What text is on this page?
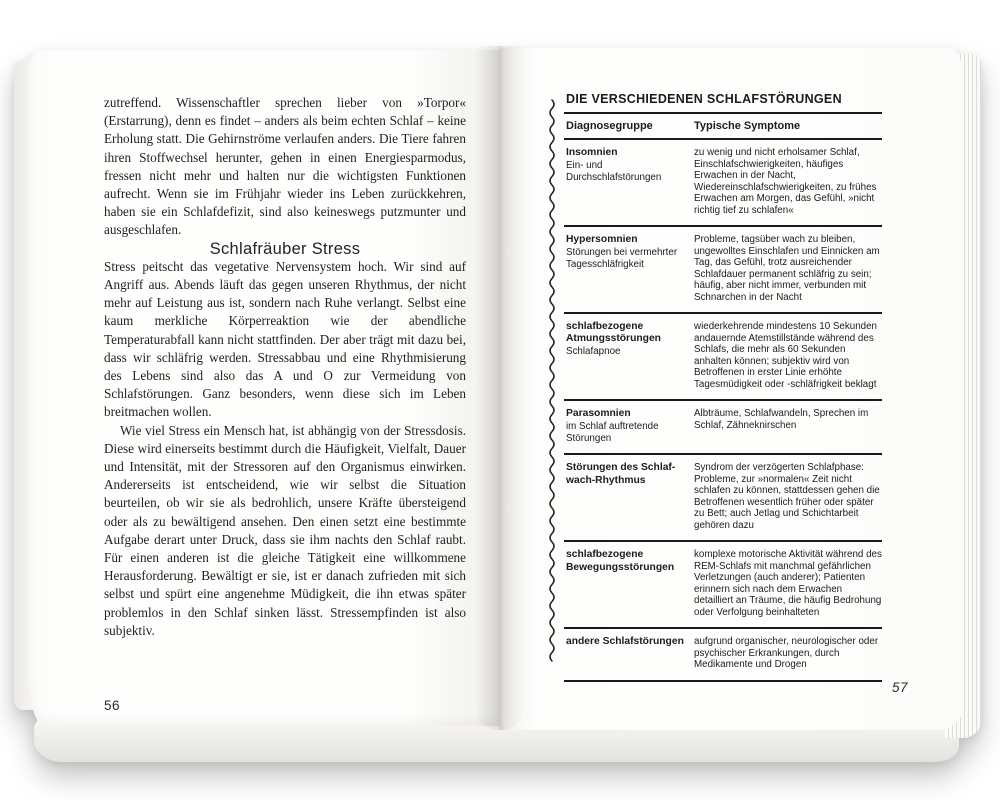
zutreffend. Wissenschaftler sprechen lieber von »Torpor« (Erstarrung), denn es findet – anders als beim echten Schlaf – keine Erholung statt. Die Gehirnströme verlaufen anders. Die Tiere fahren ihren Stoffwechsel herunter, gehen in einen Energiesparmodus, fressen nicht mehr und halten nur die wichtigsten Funktionen aufrecht. Wenn sie im Frühjahr wieder ins Leben zurückkehren, haben sie ein Schlafdefizit, sind also keineswegs putzmunter und ausgeschlafen.

Schlafräuber Stress

Stress peitscht das vegetative Nervensystem hoch. Wir sind auf Angriff aus. Abends läuft das gegen unseren Rhythmus, der nicht mehr auf Leistung aus ist, sondern nach Ruhe verlangt. Selbst eine kaum merkliche Körperreaktion wie der abendliche Temperaturabfall kann nicht stattfinden. Der aber trägt mit dazu bei, dass wir schläfrig werden. Stressabbau und eine Rhythmisierung des Lebens sind also das A und O zur Vermeidung von Schlafstörungen. Ganz besonders, wenn diese sich im Leben breitmachen wollen.

Wie viel Stress ein Mensch hat, ist abhängig von der Stressdosis. Diese wird einerseits bestimmt durch die Häufigkeit, Vielfalt, Dauer und Intensität, mit der Stressoren auf den Organismus einwirken. Andererseits ist entscheidend, wie wir selbst die Situation beurteilen, ob wir sie als bedrohlich, unsere Kräfte übersteigend oder als zu bewältigend ansehen. Den einen setzt eine bestimmte Aufgabe derart unter Druck, dass sie ihm nachts den Schlaf raubt. Für einen anderen ist die gleiche Tätigkeit eine willkommene Herausforderung. Bewältigt er sie, ist er danach zufrieden mit sich selbst und spürt eine angenehme Müdigkeit, die ihn etwas später problemlos in den Schlaf sinken lässt. Stressempfinden ist also subjektiv.

56
DIE VERSCHIEDENEN SCHLAFSTÖRUNGEN
Diagnosegruppe	Typische Symptome
Insomnien
Ein- und Durchschlafstörungen
zu wenig und nicht erholsamer Schlaf, Einschlafschwierigkeiten, häufiges Erwachen in der Nacht, Wiedereinschlafschwierigkeiten, zu frühes Erwachen am Morgen, das Gefühl, »nicht richtig tief zu schlafen«
Hypersomnien
Störungen bei vermehrter Tagesschläfrigkeit
Probleme, tagsüber wach zu bleiben, ungewolltes Einschlafen und Einnicken am Tag, das Gefühl, trotz ausreichender Schlafdauer permanent schläfrig zu sein; häufig, aber nicht immer, verbunden mit Schnarchen in der Nacht
schlafbezogene Atmungsstörungen
Schlafapnoe
wiederkehrende mindestens 10 Sekunden andauernde Atemstillstände während des Schlafs, die mehr als 60 Sekunden anhalten können; subjektiv wird von Betroffenen in erster Linie erhöhte Tagesmüdigkeit oder -schläfrigkeit beklagt
Parasomnien
im Schlaf auftretende Störungen
Albträume, Schlafwandeln, Sprechen im Schlaf, Zähneknirschen
Störungen des Schlaf-wach-Rhythmus
Syndrom der verzögerten Schlafphase: Probleme, zur »normalen« Zeit nicht schlafen zu können, stattdessen gehen die Betroffenen wesentlich früher oder später zu Bett; auch Jetlag und Schichtarbeit gehören dazu
schlafbezogene Bewegungsstörungen
komplexe motorische Aktivität während des REM-Schlafs mit manchmal gefährlichen Verletzungen (auch anderer); Patienten erinnern sich nach dem Erwachen detailliert an Träume, die häufig Bedrohung oder Verfolgung beinhalteten
andere Schlafstörungen aufgrund organischer, neurologischer oder psychischer Erkrankungen, durch Medikamente und Drogen
57
